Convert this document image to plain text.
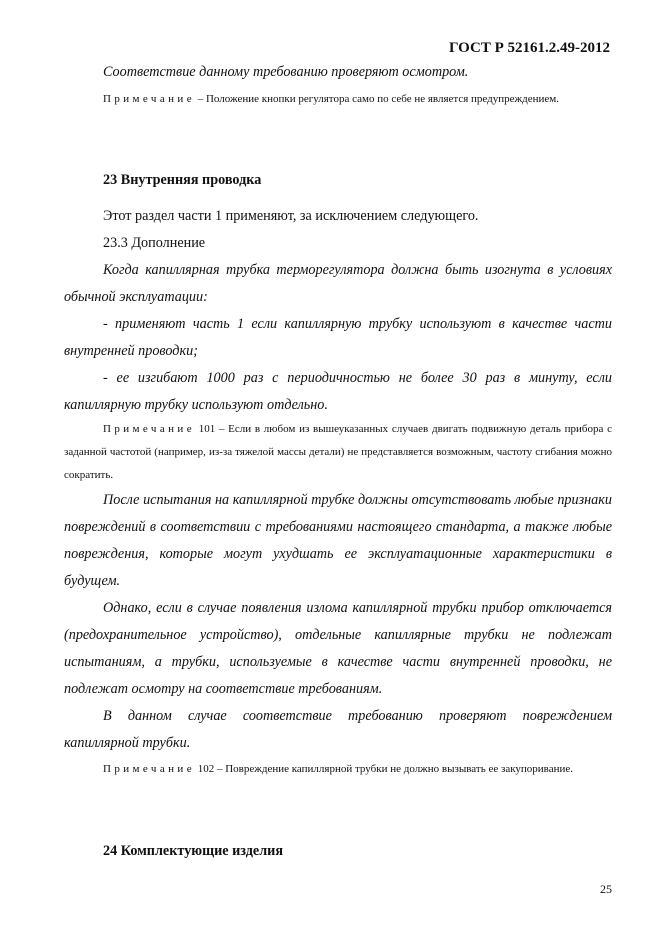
ГОСТ Р 52161.2.49-2012
Соответствие данному требованию проверяют осмотром.
Примечание – Положение кнопки регулятора само по себе не является предупреждением.
23 Внутренняя проводка
Этот раздел части 1 применяют, за исключением следующего.
23.3 Дополнение
Когда капиллярная трубка терморегулятора должна быть изогнута в условиях обычной эксплуатации:
- применяют часть 1 если капиллярную трубку используют в качестве части внутренней проводки;
- ее изгибают 1000 раз с периодичностью не более 30 раз в минуту, если капиллярную трубку используют отдельно.
Примечание 101 – Если в любом из вышеуказанных случаев двигать подвижную деталь прибора с заданной частотой (например, из-за тяжелой массы детали) не представляется возможным, частоту сгибания можно сократить.
После испытания на капиллярной трубке должны отсутствовать любые признаки повреждений в соответствии с требованиями настоящего стандарта, а также любые повреждения, которые могут ухудшать ее эксплуатационные характеристики в будущем.
Однако, если в случае появления излома капиллярной трубки прибор отключается (предохранительное устройство), отдельные капиллярные трубки не подлежат испытаниям, а трубки, используемые в качестве части внутренней проводки, не подлежат осмотру на соответствие требованиям.
В данном случае соответствие требованию проверяют повреждением капиллярной трубки.
Примечание 102 – Повреждение капиллярной трубки не должно вызывать ее закупоривание.
24 Комплектующие изделия
25
